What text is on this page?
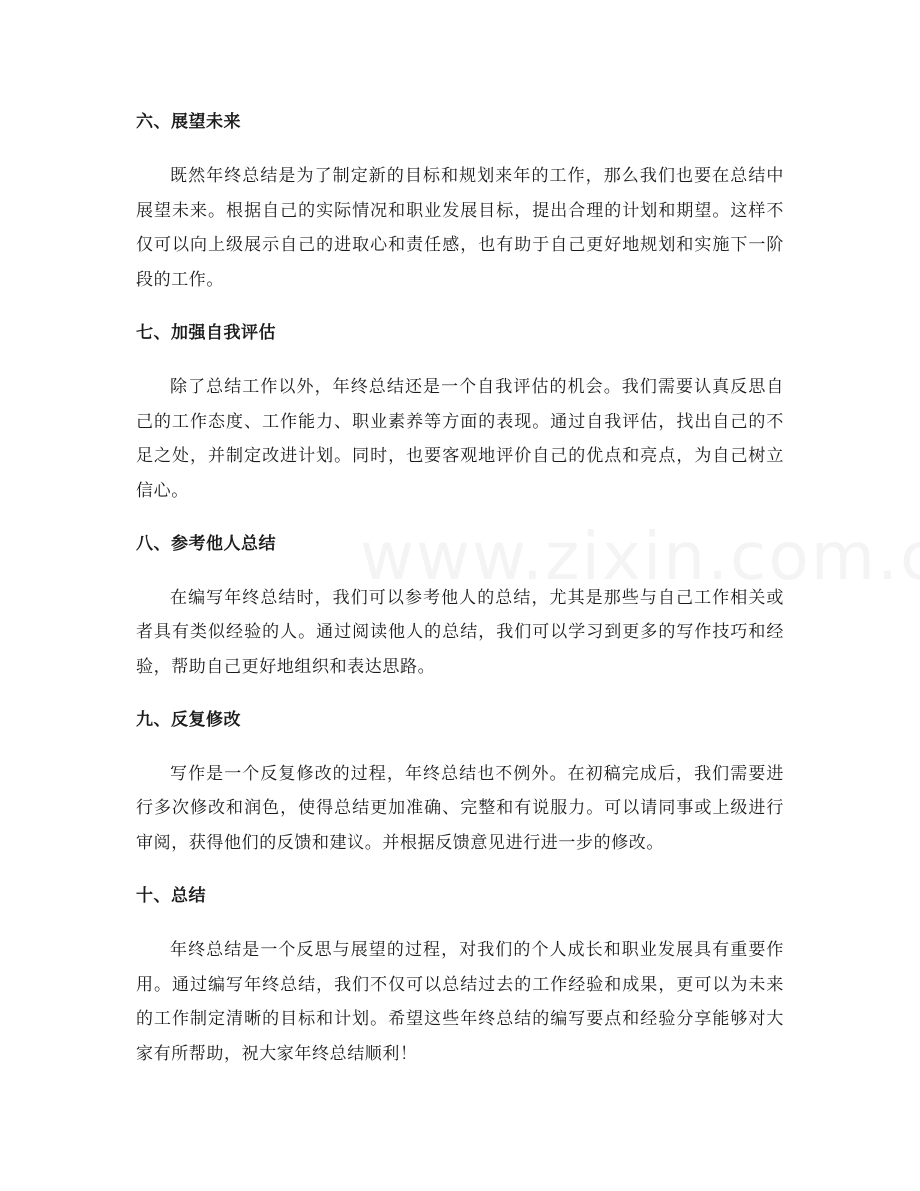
六、展望未来

既然年终总结是为了制定新的目标和规划来年的工作，那么我们也要在总结中展望未来。根据自己的实际情况和职业发展目标，提出合理的计划和期望。这样不仅可以向上级展示自己的进取心和责任感，也有助于自己更好地规划和实施下一阶段的工作。

七、加强自我评估

除了总结工作以外，年终总结还是一个自我评估的机会。我们需要认真反思自己的工作态度、工作能力、职业素养等方面的表现。通过自我评估，找出自己的不足之处，并制定改进计划。同时，也要客观地评价自己的优点和亮点，为自己树立信心。

八、参考他人总结

在编写年终总结时，我们可以参考他人的总结，尤其是那些与自己工作相关或者具有类似经验的人。通过阅读他人的总结，我们可以学习到更多的写作技巧和经验，帮助自己更好地组织和表达思路。

九、反复修改

写作是一个反复修改的过程，年终总结也不例外。在初稿完成后，我们需要进行多次修改和润色，使得总结更加准确、完整和有说服力。可以请同事或上级进行审阅，获得他们的反馈和建议。并根据反馈意见进行进一步的修改。

十、总结

年终总结是一个反思与展望的过程，对我们的个人成长和职业发展具有重要作用。通过编写年终总结，我们不仅可以总结过去的工作经验和成果，更可以为未来的工作制定清晰的目标和计划。希望这些年终总结的编写要点和经验分享能够对大家有所帮助，祝大家年终总结顺利！
